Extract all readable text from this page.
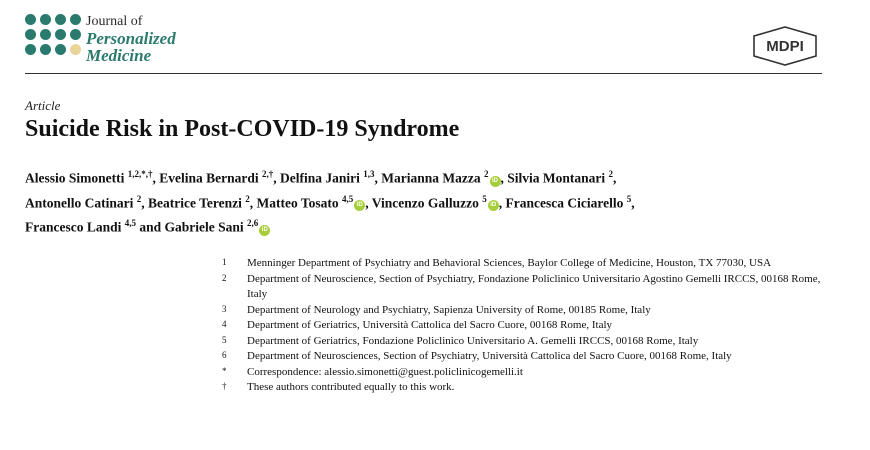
Journal of
Personalized
Medicine	MDPI
Article
Suicide Risk in Post-COVID-19 Syndrome
Alessio Simonetti $^{1,2,*,\dagger}$, Evelina Bernardi $^{2,\dagger}$, Delfina Janiri $^{1,3}$, Marianna Mazza $^2$iD , Silvia Montanari $^2$,
Antonello Catinari $^2$, Beatrice Terenzi $^2$, Matteo Tosato $^{4,5}$iD , Vincenzo Galluzzo $^5$iD , Francesca Ciciarello $^5$,
Francesco Landi $^{4,5}$ and Gabriele Sani $^{2,6}$iD
1 Menninger Department of Psychiatry and Behavioral Sciences, Baylor College of Medicine, Houston, TX 77030, USA
2 Department of Neuroscience, Section of Psychiatry, Fondazione Policlinico Universitario Agostino Gemelli IRCCS, 00168 Rome, Italy
3 Department of Neurology and Psychiatry, Sapienza University of Rome, 00185 Rome, Italy
4 Department of Geriatrics, Università Cattolica del Sacro Cuore, 00168 Rome, Italy
5 Department of Geriatrics, Fondazione Policlinico Universitario A. Gemelli IRCCS, 00168 Rome, Italy
6 Department of Neurosciences, Section of Psychiatry, Università Cattolica del Sacro Cuore, 00168 Rome, Italy
* Correspondence: alessio.simonetti@guest.policlinicogemelli.it
† These authors contributed equally to this work.
